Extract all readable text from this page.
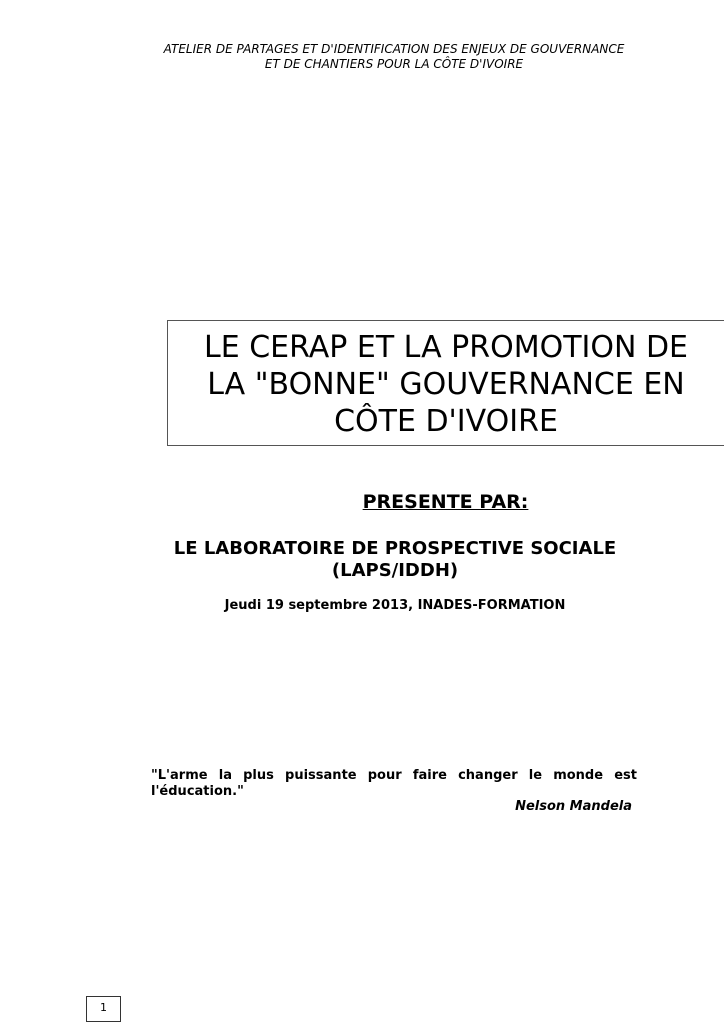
ATELIER DE PARTAGES ET D'IDENTIFICATION DES ENJEUX DE GOUVERNANCE
ET DE CHANTIERS POUR LA CÔTE D'IVOIRE
LE CERAP ET LA PROMOTION DE
LA "BONNE" GOUVERNANCE EN
CÔTE D'IVOIRE
PRESENTE PAR:
LE LABORATOIRE DE PROSPECTIVE SOCIALE
(LAPS/IDDH)
Jeudi 19 septembre 2013, INADES-FORMATION
"L'arme la plus puissante pour faire changer le monde est l'éducation."
Nelson Mandela
1
